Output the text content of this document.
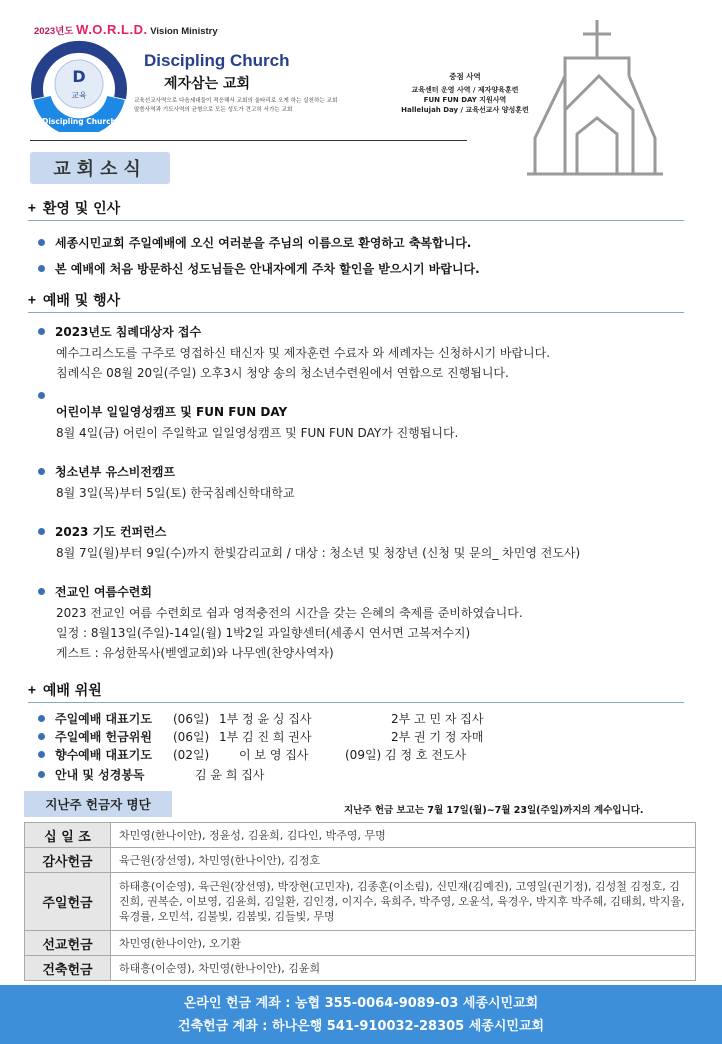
2023년도 W.O.R.L.D. Vision Ministry
D
교육
Discipling Church
Discipling Church
제자삼는 교회
교육선교사역으로 다음세대들이 적응해서 교회의 울타리로 오게 하는 실천하는 교회
말씀사역과 기도사역의 균형으로 모든 성도가 견고히 서가는 교회
중점 사역
교육센터 운영 사역 / 제자양육훈련
FUN FUN DAY 지원사역
Hallelujah Day / 교육선교사 양성훈련
교회소식
+ 환영 및 인사
세종시민교회 주일예배에 오신 여러분을 주님의 이름으로 환영하고 축복합니다.
본 예배에 처음 방문하신 성도님들은 안내자에게 주차 할인을 받으시기 바랍니다.
+ 예배 및 행사
2023년도 침례대상자 접수
예수그리스도를 구주로 영접하신 태신자 및 제자훈련 수료자 와 세례자는 신청하시기 바랍니다.
침례식은 08월 20일(주일) 오후3시 청양 송의 청소년수련원에서 연합으로 진행됩니다.
어린이부 일일영성캠프 및 FUN FUN DAY
8월 4일(금) 어린이 주일학교 일일영성캠프 및 FUN FUN DAY가 진행됩니다.
청소년부 유스비전캠프
8월 3일(목)부터 5일(토) 한국침례신학대학교
2023 기도 컨퍼런스
8월 7일(월)부터 9일(수)까지 한빛감리교회 / 대상 : 청소년 및 청장년 (신청 및 문의_ 차민영 전도사)
전교인 여름수련회
2023 전교인 여름 수련회로 쉼과 영적충전의 시간을 갖는 은혜의 축제를 준비하였습니다.
일정 : 8월13일(주일)-14일(월) 1박2일 과일향센터(세종시 연서면 고복저수지)
게스트 : 유성한목사(벧엘교회)와 나무엔(찬양사역자)
+ 예배 위원
주일예배 대표기도	(06일) 1부 정 윤 싱 집사	2부 고 민 자 집사
주일예배 헌금위원	(06일) 1부 김 진 희 권사	2부 권 기 정 자매
향수예배 대표기도	(02일)	이 보 영 집사	(09일) 김 정 호 전도사
안내 및 성경봉독	김 윤 희 집사
지난주 헌금자 명단	지난주 헌금 보고는 7월 17일(월)~7월 23일(주일)까지의 계수입니다.
십 일 조	차민영(한나이안), 정윤성, 김윤희, 김다인, 박주영, 무명
감사헌금	육근원(장선영), 차민영(한나이안), 김정호
주일헌금	하태흥(이순영), 육근원(장선영), 박장현(고민자), 김종훈(이소림), 신민재(김예진), 고영일(권기정), 김성철 김정호, 김진희, 권복순, 이보영, 김윤희, 김일환, 김인경, 이지수, 육희주, 박주영, 오윤석, 육경우, 박지후 박주혜, 김태희, 박지율, 육경률, 오민석, 김불빛, 김봄빛, 김들빛, 무명
선교헌금	차민영(한나이안), 오기환
건축헌금	하태흥(이순영), 차민영(한나이안), 김윤희
온라인 헌금 계좌 : 농협 355-0064-9089-03 세종시민교회
건축헌금 계좌 : 하나은행 541-910032-28305 세종시민교회
